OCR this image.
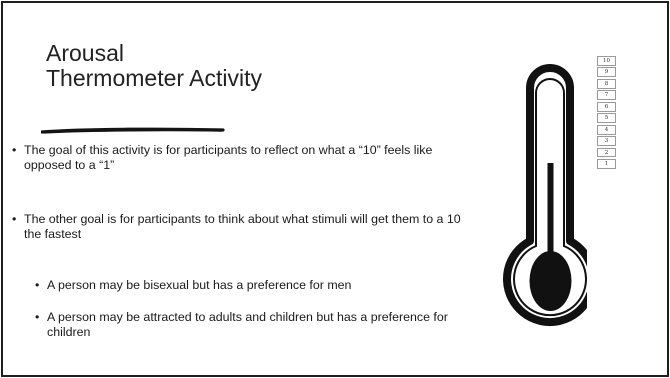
Arousal
Thermometer Activity
• The goal of this activity is for participants to reflect on what a “10” feels like opposed to a “1”
• The other goal is for participants to think about what stimuli will get them to a 10 the fastest
• A person may be bisexual but has a preference for men
• A person may be attracted to adults and children but has a preference for children
10
9
8
7
6
5
4
3
2
1
